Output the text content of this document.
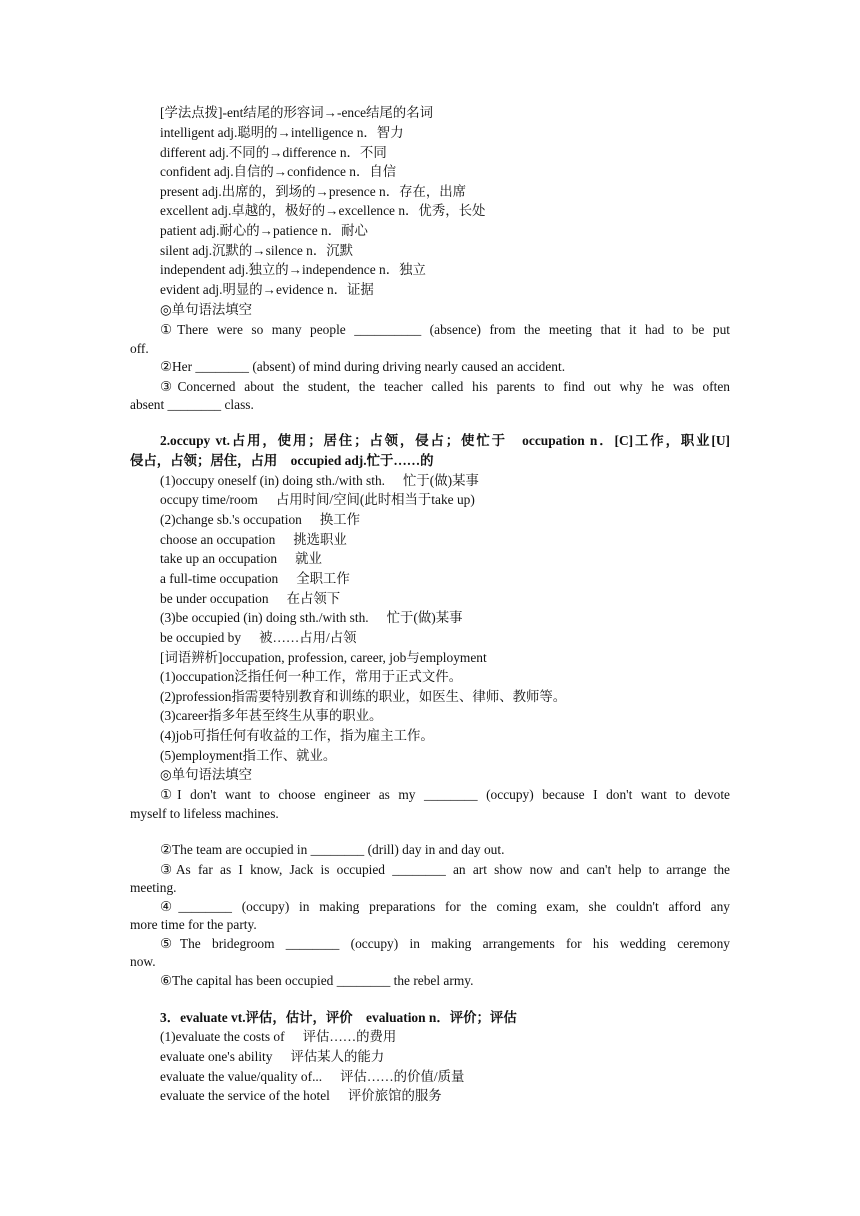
[学法点拨]-ent结尾的形容词→-ence结尾的名词
intelligent adj.聪明的→intelligence n．智力
different adj.不同的→difference n．不同
confident adj.自信的→confidence n．自信
present adj.出席的，到场的→presence n．存在，出席
excellent adj.卓越的，极好的→excellence n．优秀，长处
patient adj.耐心的→patience n．耐心
silent adj.沉默的→silence n．沉默
independent adj.独立的→independence n．独立
evident adj.明显的→evidence n．证据
◎单句语法填空
①There were so many people __________ (absence) from the meeting that it had to be put
off.
②Her ________ (absent) of mind during driving nearly caused an accident.
③Concerned about the student, the teacher called his parents to find out why he was often
absent ________ class.
2.occupy vt.占用，使用；居住；占领，侵占；使忙于　occupation n．[C]工作，职业[U]
侵占，占领；居住，占用　occupied adj.忙于……的
(1)occupy oneself (in) doing sth./with sth. 忙于(做)某事
occupy time/room 占用时间/空间(此时相当于take up)
(2)change sb.'s occupation 换工作
choose an occupation 挑选职业
take up an occupation 就业
a full-time occupation 全职工作
be under occupation 在占领下
(3)be occupied (in) doing sth./with sth. 忙于(做)某事
be occupied by 被……占用/占领
[词语辨析]occupation, profession, career, job与employment
(1)occupation泛指任何一种工作，常用于正式文件。
(2)profession指需要特别教育和训练的职业，如医生、律师、教师等。
(3)career指多年甚至终生从事的职业。
(4)job可指任何有收益的工作，指为雇主工作。
(5)employment指工作、就业。
◎单句语法填空
①I don't want to choose engineer as my ________ (occupy) because I don't want to devote
myself to lifeless machines.
②The team are occupied in ________ (drill) day in and day out.
③As far as I know, Jack is occupied ________ an art show now and can't help to arrange the
meeting.
④________ (occupy) in making preparations for the coming exam, she couldn't afford any
more time for the party.
⑤The bridegroom ________ (occupy) in making arrangements for his wedding ceremony
now.
⑥The capital has been occupied ________ the rebel army.
3．evaluate vt.评估，估计，评价　evaluation n．评价；评估
(1)evaluate the costs of 评估……的费用
evaluate one's ability 评估某人的能力
evaluate the value/quality of... 评估……的价值/质量
evaluate the service of the hotel 评价旅馆的服务
